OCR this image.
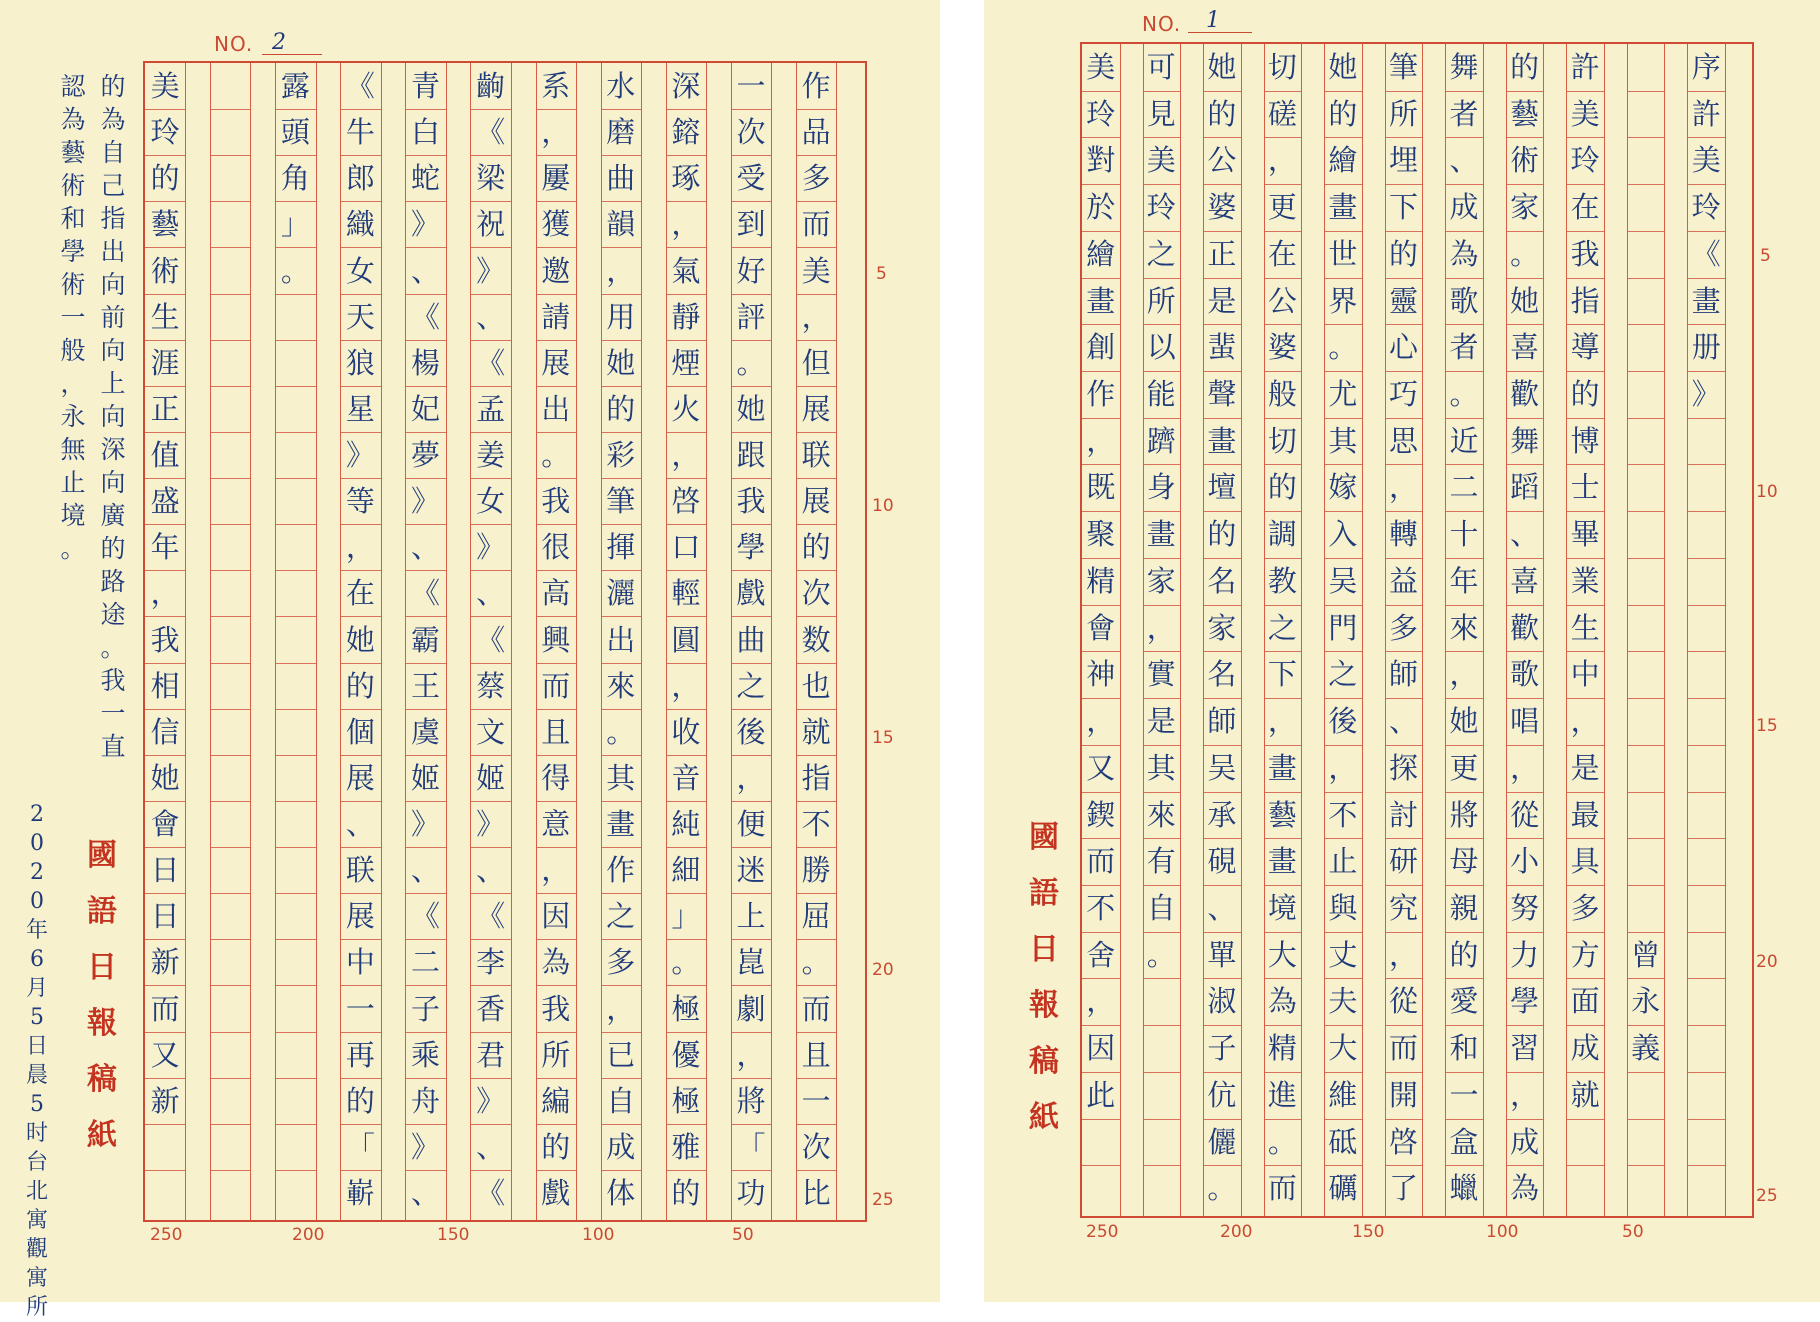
NO. 2
作
品
多
而
美
，
但
展
联
展
的
次
数
也
就
指
不
勝
屈
。
而
且
一
次
比
一
次
受
到
好
評
。
她
跟
我
學
戲
曲
之
後
，
便
迷
上
崑
劇
，
將
「
功
深
鎔
琢
，
氣
靜
煙
火
，
啓
口
輕
圓
，
收
音
純
細
」
。
極
優
極
雅
的
水
磨
曲
韻
，
用
她
的
彩
筆
揮
灑
出
來
。
其
畫
作
之
多
，
已
自
成
体
系
，
屢
獲
邀
請
展
出
。
我
很
高
興
而
且
得
意
，
因
為
我
所
編
的
戲
齣
《
梁
祝
》
、
《
孟
姜
女
》
、
《
蔡
文
姬
》
、
《
李
香
君
》
、
《
青
白
蛇
》
、
《
楊
妃
夢
》
、
《
霸
王
虞
姬
》
、
《
二
子
乘
舟
》
、
《
牛
郎
織
女
天
狼
星
》
等
，
在
她
的
個
展
、
联
展
中
一
再
的
「
嶄
露
頭
角
」
。
美
玲
的
藝
術
生
涯
正
值
盛
年
，
我
相
信
她
會
日
日
新
而
又
新
的
為
自
己
指
出
向
前
向
上
向
深
向
廣
的
路
途
。
我
一
直
認
為
藝
術
和
學
術
一
般
，
永
無
止
境
。
2
0
2
0
年
6
月
5
日
晨
5
时
台
北
寓
觀
寓
所
國
語
日
報
稿
紙
250	200	150	100	50
5
10
15
20
25
NO. 1
序
許
美
玲
《
畫
册
》
許
美
玲
在
我
指
導
的
博
士
畢
業
生
中
，
是
最
具
多
方
面
成
就
的
藝
術
家
。
她
喜
歡
舞
蹈
、
喜
歡
歌
唱
，
從
小
努
力
學
習
，
成
為
舞
者
、
成
為
歌
者
。
近
二
十
年
來
，
她
更
將
母
親
的
愛
和
一
盒
蠟
筆
所
埋
下
的
靈
心
巧
思
，
轉
益
多
師
、
探
討
研
究
，
從
而
開
啓
了
她
的
繪
畫
世
界
。
尤
其
嫁
入
吴
門
之
後
，
不
止
與
丈
夫
大
維
砥
礪
切
磋
，
更
在
公
婆
般
切
的
調
教
之
下
，
畫
藝
畫
境
大
為
精
進
。
而
她
的
公
婆
正
是
蜚
聲
畫
壇
的
名
家
名
師
吴
承
硯
、
單
淑
子
伉
儷
。
可
見
美
玲
之
所
以
能
躋
身
畫
家
，
實
是
其
來
有
自
。
美
玲
對
於
繪
畫
創
作
，
既
聚
精
會
神
，
又
鍥
而
不
舍
，
因
此
曾
永
義
國
語
日
報
稿
紙
250	200	150	100	50
5
10
15
20
25
